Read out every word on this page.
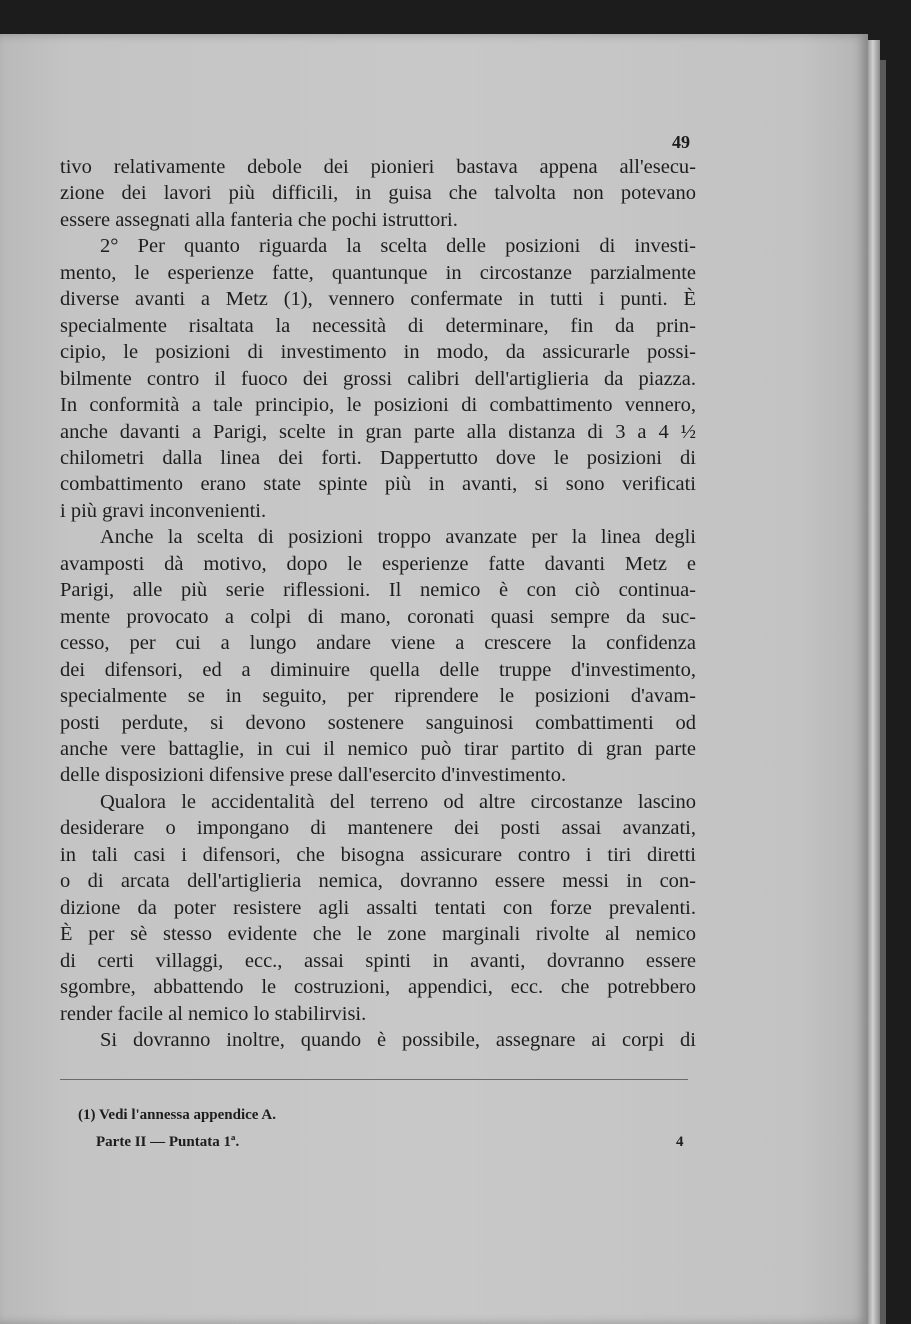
49
tivo relativamente debole dei pionieri bastava appena all'esecu-
zione dei lavori più difficili, in guisa che talvolta non potevano
essere assegnati alla fanteria che pochi istruttori.
2° Per quanto riguarda la scelta delle posizioni di investi-
mento, le esperienze fatte, quantunque in circostanze parzialmente
diverse avanti a Metz (1), vennero confermate in tutti i punti. È
specialmente risaltata la necessità di determinare, fin da prin-
cipio, le posizioni di investimento in modo, da assicurarle possi-
bilmente contro il fuoco dei grossi calibri dell'artiglieria da piazza.
In conformità a tale principio, le posizioni di combattimento vennero,
anche davanti a Parigi, scelte in gran parte alla distanza di 3 a 4 ½
chilometri dalla linea dei forti. Dappertutto dove le posizioni di
combattimento erano state spinte più in avanti, si sono verificati
i più gravi inconvenienti.
Anche la scelta di posizioni troppo avanzate per la linea degli
avamposti dà motivo, dopo le esperienze fatte davanti Metz e
Parigi, alle più serie riflessioni. Il nemico è con ciò continua-
mente provocato a colpi di mano, coronati quasi sempre da suc-
cesso, per cui a lungo andare viene a crescere la confidenza
dei difensori, ed a diminuire quella delle truppe d'investimento,
specialmente se in seguito, per riprendere le posizioni d'avam-
posti perdute, si devono sostenere sanguinosi combattimenti od
anche vere battaglie, in cui il nemico può tirar partito di gran parte
delle disposizioni difensive prese dall'esercito d'investimento.
Qualora le accidentalità del terreno od altre circostanze lascino
desiderare o impongano di mantenere dei posti assai avanzati,
in tali casi i difensori, che bisogna assicurare contro i tiri diretti
o di arcata dell'artiglieria nemica, dovranno essere messi in con-
dizione da poter resistere agli assalti tentati con forze prevalenti.
È per sè stesso evidente che le zone marginali rivolte al nemico
di certi villaggi, ecc., assai spinti in avanti, dovranno essere
sgombre, abbattendo le costruzioni, appendici, ecc. che potrebbero
render facile al nemico lo stabilirvisi.
Si dovranno inoltre, quando è possibile, assegnare ai corpi di
(1) Vedi l'annessa appendice A.
Parte II — Puntata 1ª.	4
